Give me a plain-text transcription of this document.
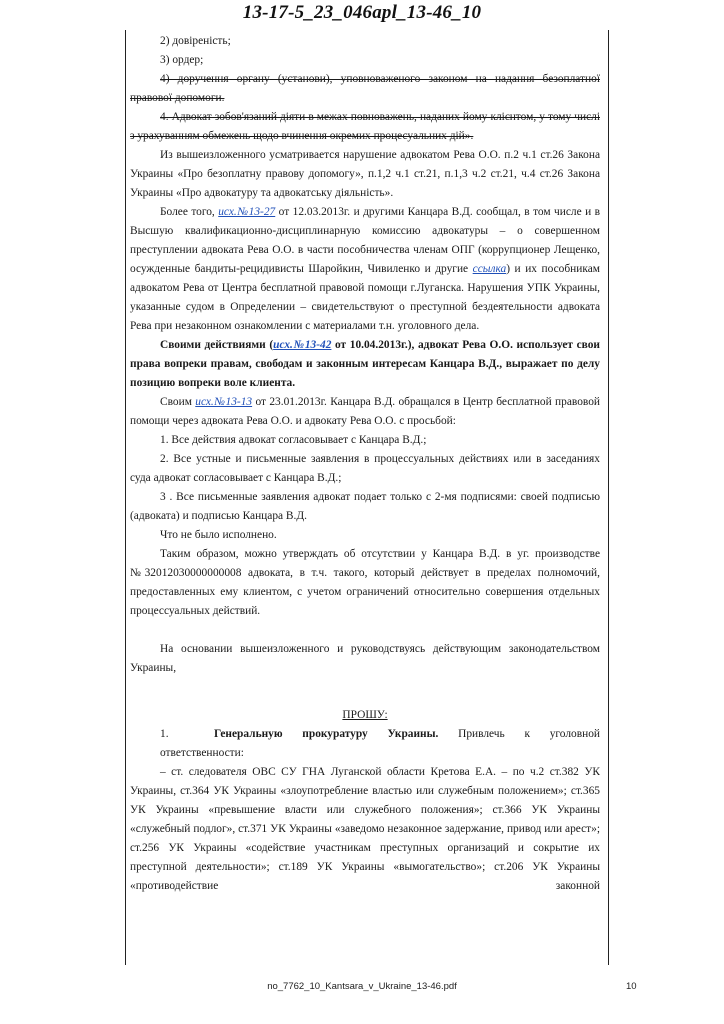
13-17-5_23_046apl_13-46_10

2) довіреність;

3) ордер;

4) доручення органу (установи), уповноваженого законом на надання безоплатної правової допомоги.

4. Адвокат зобов'язаний діяти в межах повноважень, наданих йому клієнтом, у тому числі з урахуванням обмежень щодо вчинення окремих процесуальних дій».

Из вышеизложенного усматривается нарушение адвокатом Рева О.О. п.2 ч.1 ст.26 Закона Украины «Про безоплатну правову допомогу», п.1,2 ч.1 ст.21, п.1,3 ч.2 ст.21, ч.4 ст.26 Закона Украины «Про адвокатуру та адвокатську діяльність».

Более того, исх.№13-27 от 12.03.2013г. и другими Канцара В.Д. сообщал, в том числе и в Высшую квалификационно-дисциплинарную комиссию адвокатуры – о совершенном преступлении адвоката Рева О.О. в части пособничества членам ОПГ (коррупционер Лещенко, осужденные бандиты-рецидивисты Шаройкин, Чивиленко и другие ссылка) и их пособникам адвокатом Рева от Центра бесплатной правовой помощи г.Луганска. Нарушения УПК Украины, указанные судом в Определении – свидетельствуют о преступной бездеятельности адвоката Рева при незаконном ознакомлении с материалами т.н. уголовного дела.

Своими действиями (исх.№13-42 от 10.04.2013г.), адвокат Рева О.О. использует свои права вопреки правам, свободам и законным интересам Канцара В.Д., выражает по делу позицию вопреки воле клиента.

Своим исх.№13-13 от 23.01.2013г. Канцара В.Д. обращался в Центр бесплатной правовой помощи через адвоката Рева О.О. и адвокату Рева О.О. с просьбой:

1. Все действия адвокат согласовывает с Канцара В.Д.;

2. Все устные и письменные заявления в процессуальных действиях или в заседаниях суда адвокат согласовывает с Канцара В.Д.;

3 . Все письменные заявления адвокат подает только с 2-мя подписями: своей подписью (адвоката) и подписью Канцара В.Д.

Что не было исполнено.

Таким образом, можно утверждать об отсутствии у Канцара В.Д. в уг. производстве №32012030000000008 адвоката, в т.ч. такого, который действует в пределах полномочий, предоставленных ему клиентом, с учетом ограничений относительно совершения отдельных процессуальных действий.

На основании вышеизложенного и руководствуясь действующим законодательством Украины,

ПРОШУ:

1.	Генеральную прокуратуру Украины. Привлечь к уголовной ответственности:

– ст. следователя ОВС СУ ГНА Луганской области Кретова Е.А. – по ч.2 ст.382 УК Украины, ст.364 УК Украины «злоупотребление властью или служебным положением»; ст.365 УК Украины «превышение власти или служебного положения»; ст.366 УК Украины «служебный подлог», ст.371 УК Украины «заведомо незаконное задержание, привод или арест»; ст.256 УК Украины «содействие участникам преступных организаций и сокрытие их преступной деятельности»; ст.189 УК Украины «вымогательство»; ст.206 УК Украины «противодействие законной

no_7762_10_Kantsara_v_Ukraine_13-46.pdf	10
